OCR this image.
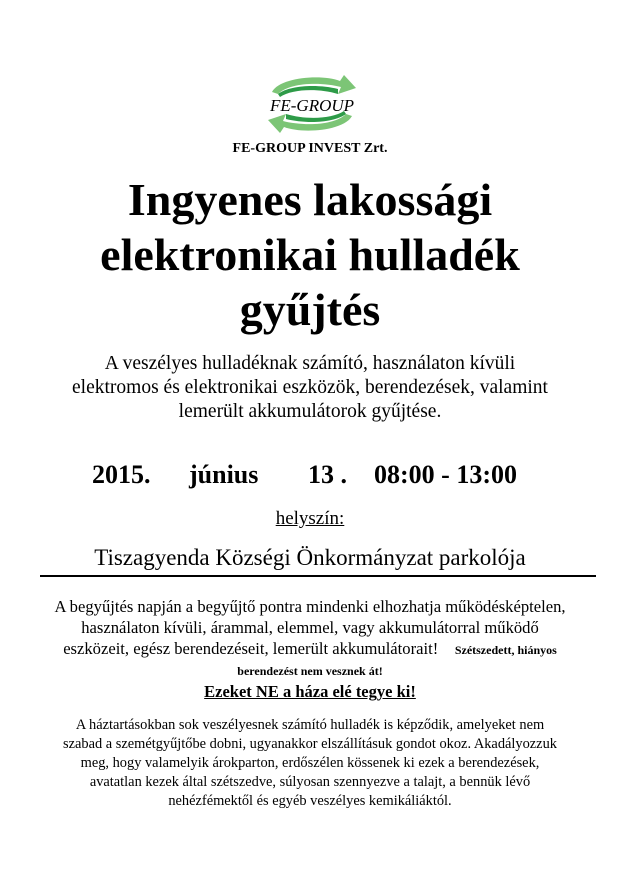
FE-GROUP
FE-GROUP INVEST Zrt.
Ingyenes lakossági
elektronikai hulladék
gyűjtés
A veszélyes hulladéknak számító, használaton kívüli
elektromos és elektronikai eszközök, berendezések, valamint
lemerült akkumulátorok gyűjtése.
2015. június 13 . 08:00 - 13:00
helyszín:
Tiszagyenda Községi Önkormányzat parkolója
A begyűjtés napján a begyűjtő pontra mindenki elhozhatja működésképtelen,
használaton kívüli, árammal, elemmel, vagy akkumulátorral működő
eszközeit, egész berendezéseit, lemerült akkumulátorait! Szétszedett, hiányos
berendezést nem vesznek át!
Ezeket NE a háza elé tegye ki!
A háztartásokban sok veszélyesnek számító hulladék is képződik, amelyeket nem
szabad a szemétgyűjtőbe dobni, ugyanakkor elszállításuk gondot okoz. Akadályozzuk
meg, hogy valamelyik árokparton, erdőszélen kössenek ki ezek a berendezések,
avatatlan kezek által szétszedve, súlyosan szennyezve a talajt, a bennük lévő
nehézfémektől és egyéb veszélyes kemikáliáktól.
